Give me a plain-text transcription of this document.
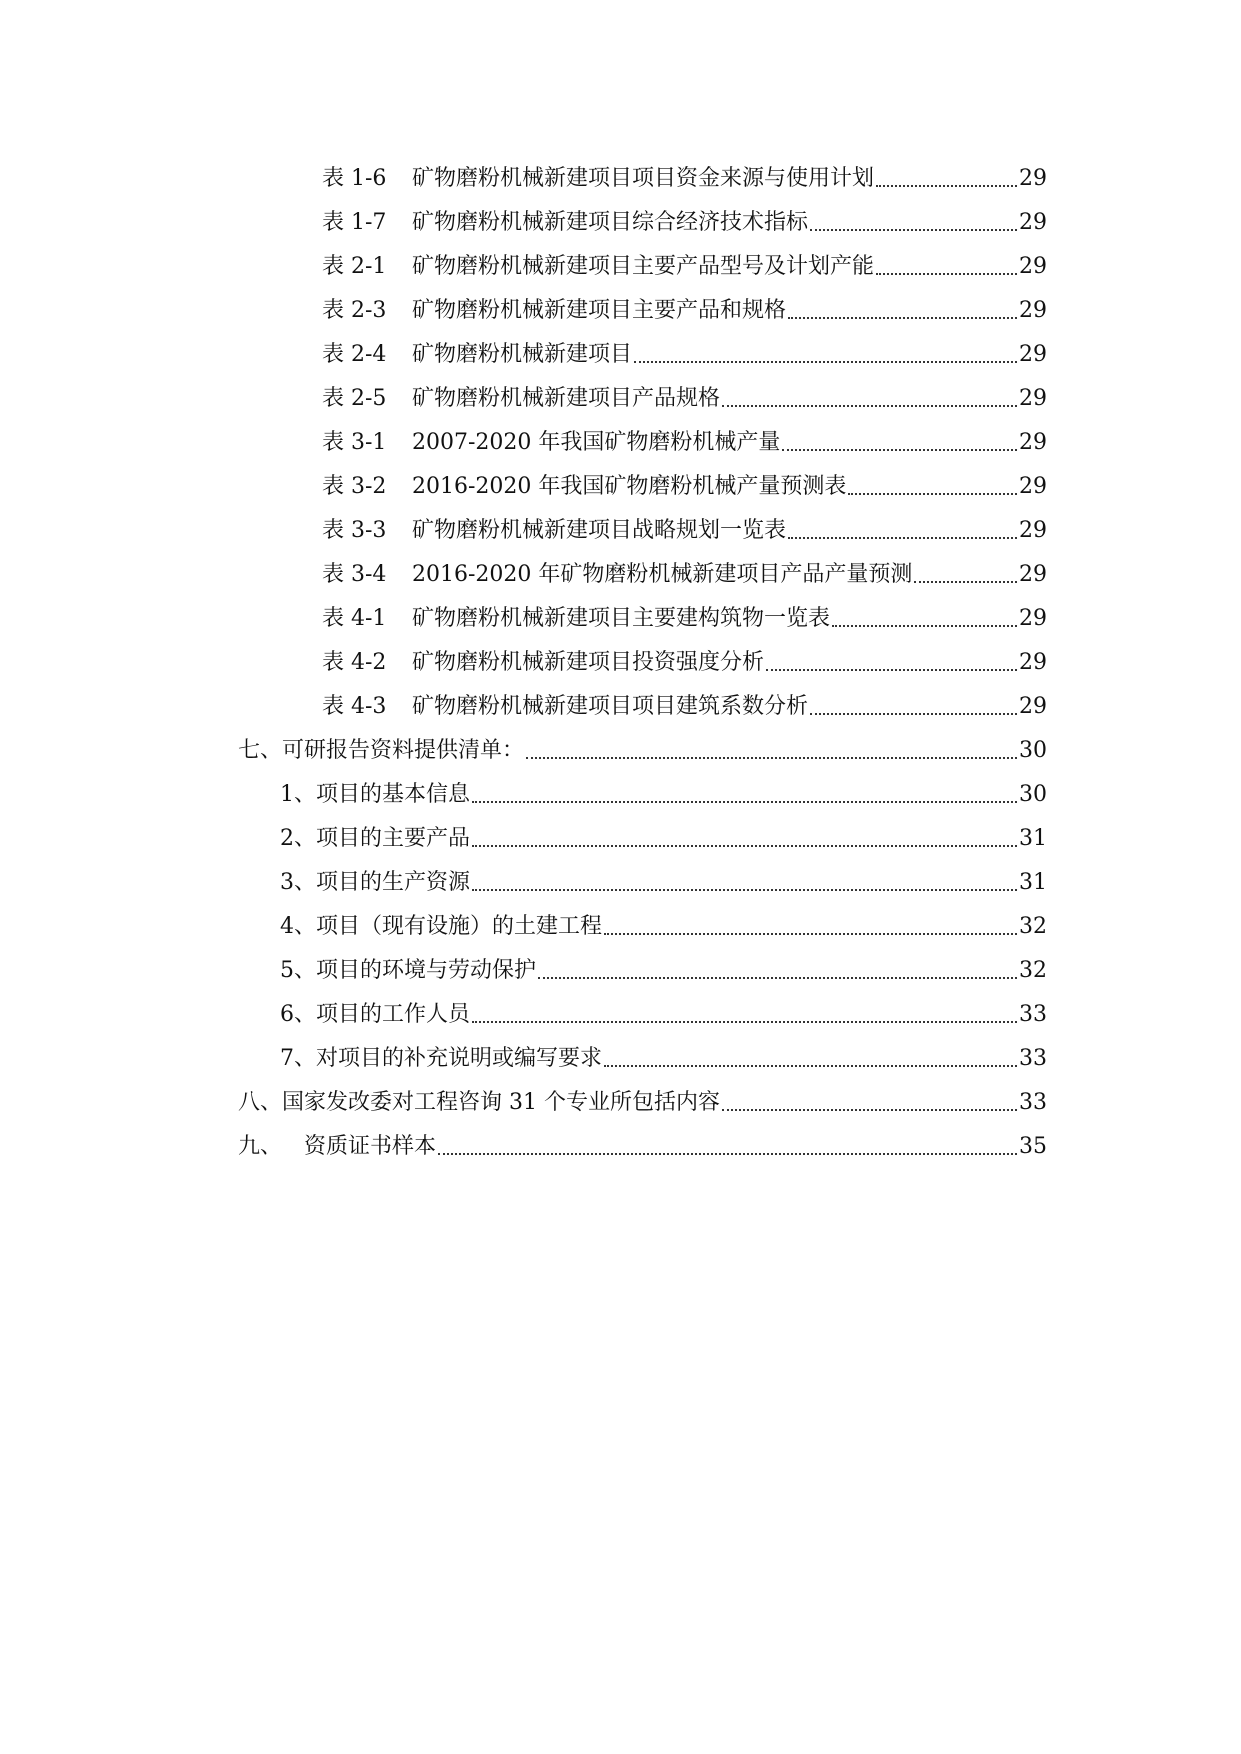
表 1-6	矿物磨粉机械新建项目项目资金来源与使用计划	29
表 1-7	矿物磨粉机械新建项目综合经济技术指标	29
表 2-1	矿物磨粉机械新建项目主要产品型号及计划产能	29
表 2-3	矿物磨粉机械新建项目主要产品和规格	29
表 2-4	矿物磨粉机械新建项目	29
表 2-5	矿物磨粉机械新建项目产品规格	29
表 3-1	2007-2020 年我国矿物磨粉机械产量	29
表 3-2	2016-2020 年我国矿物磨粉机械产量预测表	29
表 3-3	矿物磨粉机械新建项目战略规划一览表	29
表 3-4	2016-2020 年矿物磨粉机械新建项目产品产量预测	29
表 4-1	矿物磨粉机械新建项目主要建构筑物一览表	29
表 4-2	矿物磨粉机械新建项目投资强度分析	29
表 4-3	矿物磨粉机械新建项目项目建筑系数分析	29
七、 可研报告资料提供清单：	30
1、 项目的基本信息	30
2、 项目的主要产品	31
3、 项目的生产资源	31
4、 项目（现有设施）的土建工程	32
5、 项目的环境与劳动保护	32
6、 项目的工作人员	33
7、 对项目的补充说明或编写要求	33
八、 国家发改委对工程咨询 31 个专业所包括内容	33
九、 资质证书样本	35
